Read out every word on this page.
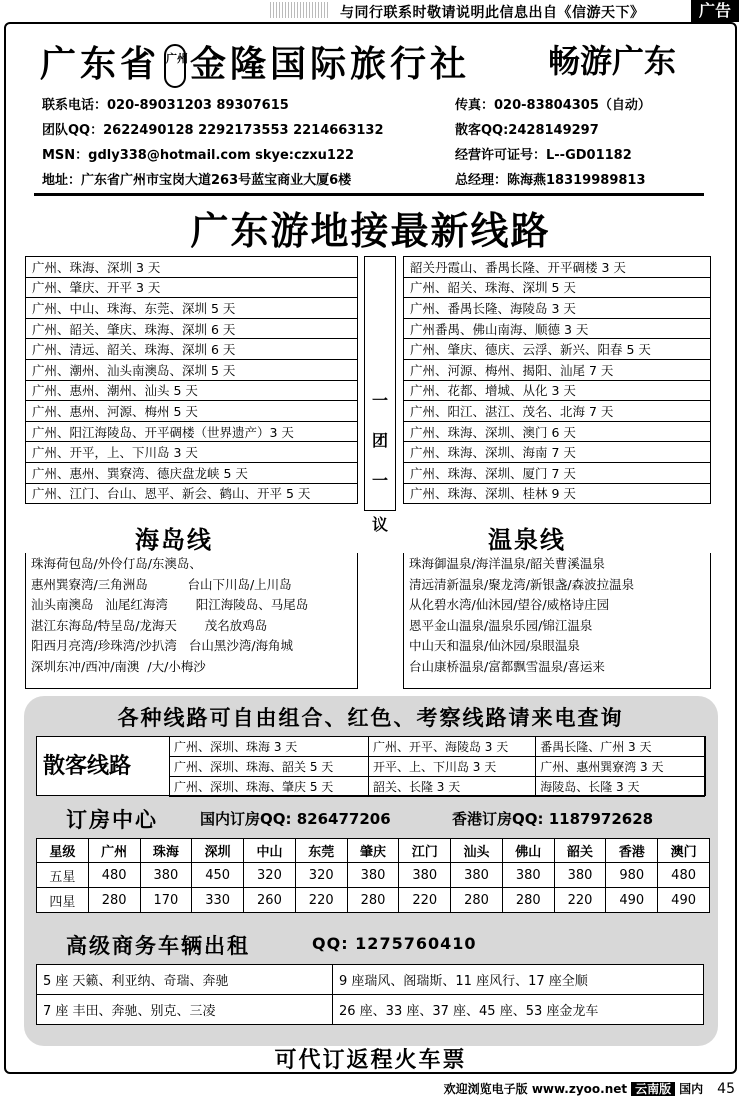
与同行联系时敬请说明此信息出自《信游天下》	广告
广东省 广州金隆国际旅行社 畅游广东
联系电话：020-89031203 89307615
团队QQ：2622490128 2292173553 2214663132
MSN：gdly338@hotmail.com skye:czxu122
地址：广东省广州市宝岗大道263号蓝宝商业大厦6楼
传真：020-83804305（自动）
散客QQ:2428149297
经营许可证号：L--GD01182
总经理：陈海燕18319989813
广东游地接最新线路
广州、珠海、深圳 3 天
广州、肇庆、开平 3 天
广州、中山、珠海、东莞、深圳 5 天
广州、韶关、肇庆、珠海、深圳 6 天
广州、清远、韶关、珠海、深圳 6 天
广州、潮州、汕头南澳岛、深圳 5 天
广州、惠州、潮州、汕头 5 天
广州、惠州、河源、梅州 5 天
广州、阳江海陵岛、开平碉楼（世界遗产）3 天
广州、开平，上、下川岛 3 天
广州、惠州、巽寮湾、德庆盘龙峡 5 天
广州、江门、台山、恩平、新会、鹤山、开平 5 天
一
团
一
议
韶关丹霞山、番禺长隆、开平碉楼 3 天
广州、韶关、珠海、深圳 5 天
广州、番禺长隆、海陵岛 3 天
广州番禺、佛山南海、顺德 3 天
广州、肇庆、德庆、云浮、新兴、阳春 5 天
广州、河源、梅州、揭阳、汕尾 7 天
广州、花都、增城、从化 3 天
广州、阳江、湛江、茂名、北海 7 天
广州、珠海、深圳、澳门 6 天
广州、珠海、深圳、海南 7 天
广州、珠海、深圳、厦门 7 天
广州、珠海、深圳、桂林 9 天
海岛线	温泉线
珠海荷包岛/外伶仃岛/东澳岛、
惠州巽寮湾/三角洲岛          台山下川岛/上川岛
汕头南澳岛   汕尾红海湾       阳江海陵岛、马尾岛
湛江东海岛/特呈岛/龙海天       茂名放鸡岛
阳西月亮湾/珍珠湾/沙扒湾   台山黑沙湾/海角城
深圳东冲/西冲/南澳  /大/小梅沙
珠海御温泉/海洋温泉/韶关曹溪温泉
清远清新温泉/聚龙湾/新银盏/森波拉温泉
从化碧水湾/仙沐园/望谷/威格诗庄园
恩平金山温泉/温泉乐园/锦江温泉
中山天和温泉/仙沐园/泉眼温泉
台山康桥温泉/富都飘雪温泉/喜运来
各种线路可自由组合、红色、考察线路请来电查询
散客线路
广州、深圳、珠海 3 天	广州、开平、海陵岛 3 天	番禺长隆、广州 3 天
广州、深圳、珠海、韶关 5 天	开平、上、下川岛 3 天	广州、惠州巽寮湾 3 天
广州、深圳、珠海、肇庆 5 天	韶关、长隆 3 天	海陵岛、长隆 3 天
订房中心	国内订房QQ: 826477206	香港订房QQ: 1187972628
星级	广州	珠海	深圳	中山	东莞	肇庆	江门	汕头	佛山	韶关	香港	澳门
五星	480	380	450	320	320	380	380	380	380	380	980	480
四星	280	170	330	260	220	280	220	280	280	220	490	490
高级商务车辆出租	QQ: 1275760410
5 座 天籁、利亚纳、奇瑞、奔驰	9 座瑞风、阁瑞斯、11 座风行、17 座全顺
7 座 丰田、奔驰、别克、三凌	26 座、33 座、37 座、45 座、53 座金龙车
可代订返程火车票
欢迎浏览电子版 www.zyoo.net 云南版 国内 45
